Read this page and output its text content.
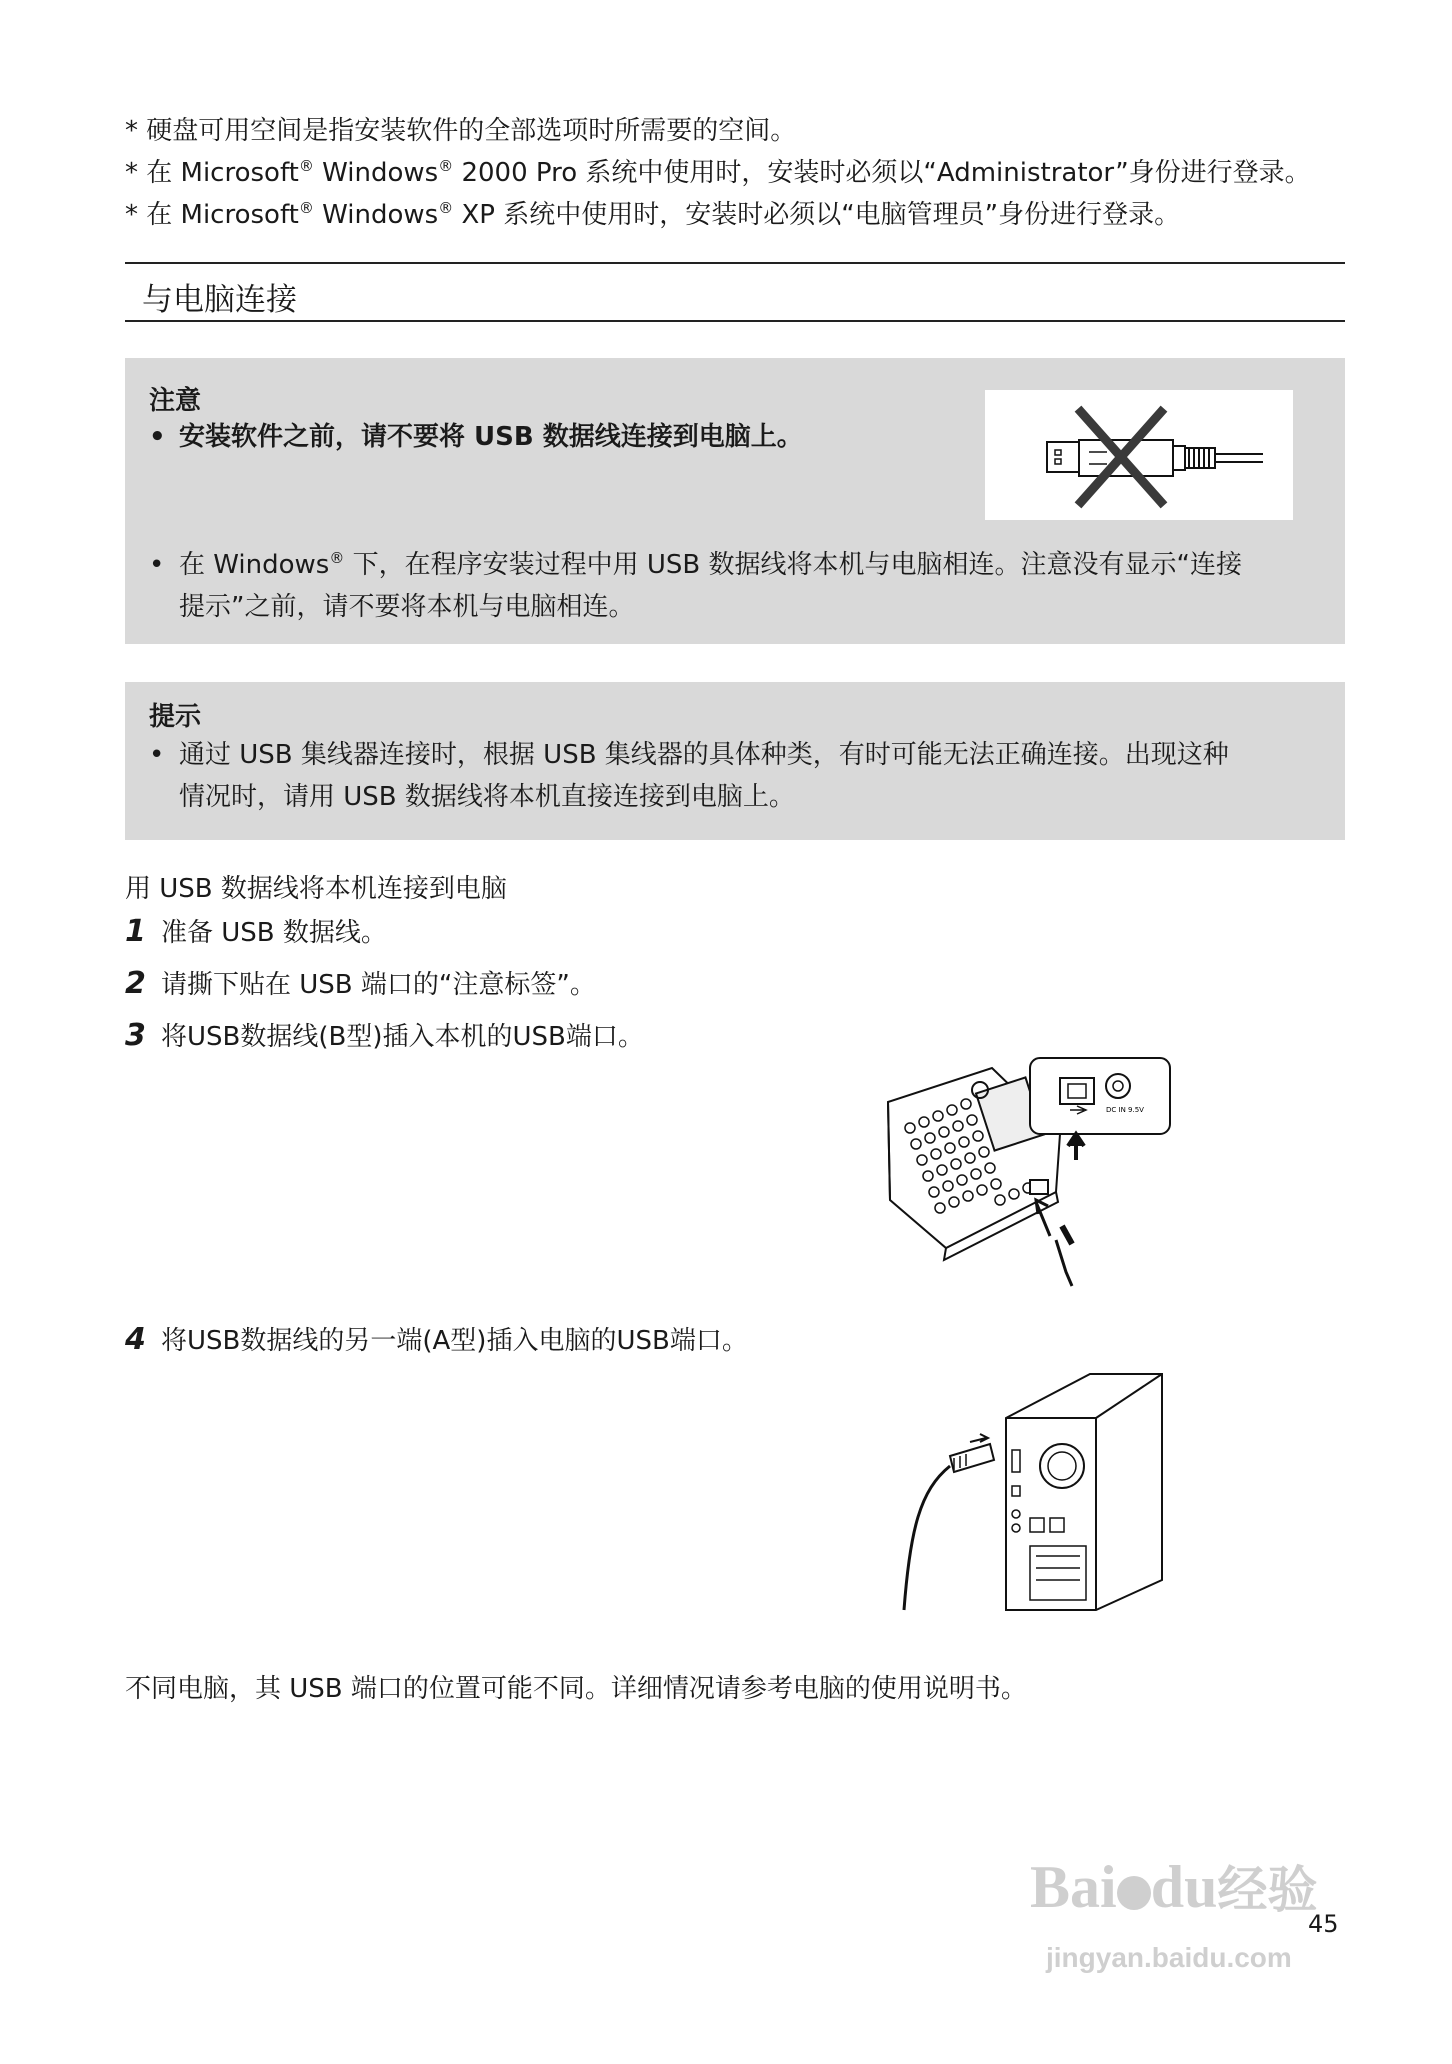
* 硬盘可用空间是指安装软件的全部选项时所需要的空间。
* 在 Microsoft® Windows® 2000 Pro 系统中使用时，安装时必须以“Administrator”身份进行登录。
* 在 Microsoft® Windows® XP 系统中使用时，安装时必须以“电脑管理员”身份进行登录。
与电脑连接
注意
• 安装软件之前，请不要将 USB 数据线连接到电脑上。
• 在 Windows® 下，在程序安装过程中用 USB 数据线将本机与电脑相连。注意没有显示“连接
提示”之前，请不要将本机与电脑相连。
提示
• 通过 USB 集线器连接时，根据 USB 集线器的具体种类，有时可能无法正确连接。出现这种
情况时，请用 USB 数据线将本机直接连接到电脑上。
用 USB 数据线将本机连接到电脑
1 准备 USB 数据线。
2 请撕下贴在 USB 端口的“注意标签”。
3 将USB数据线(B型)插入本机的USB端口。
DC IN 9.5V
4 将USB数据线的另一端(A型)插入电脑的USB端口。
不同电脑，其 USB 端口的位置可能不同。详细情况请参考电脑的使用说明书。
Bai du经验
jingyan.baidu.com
45
